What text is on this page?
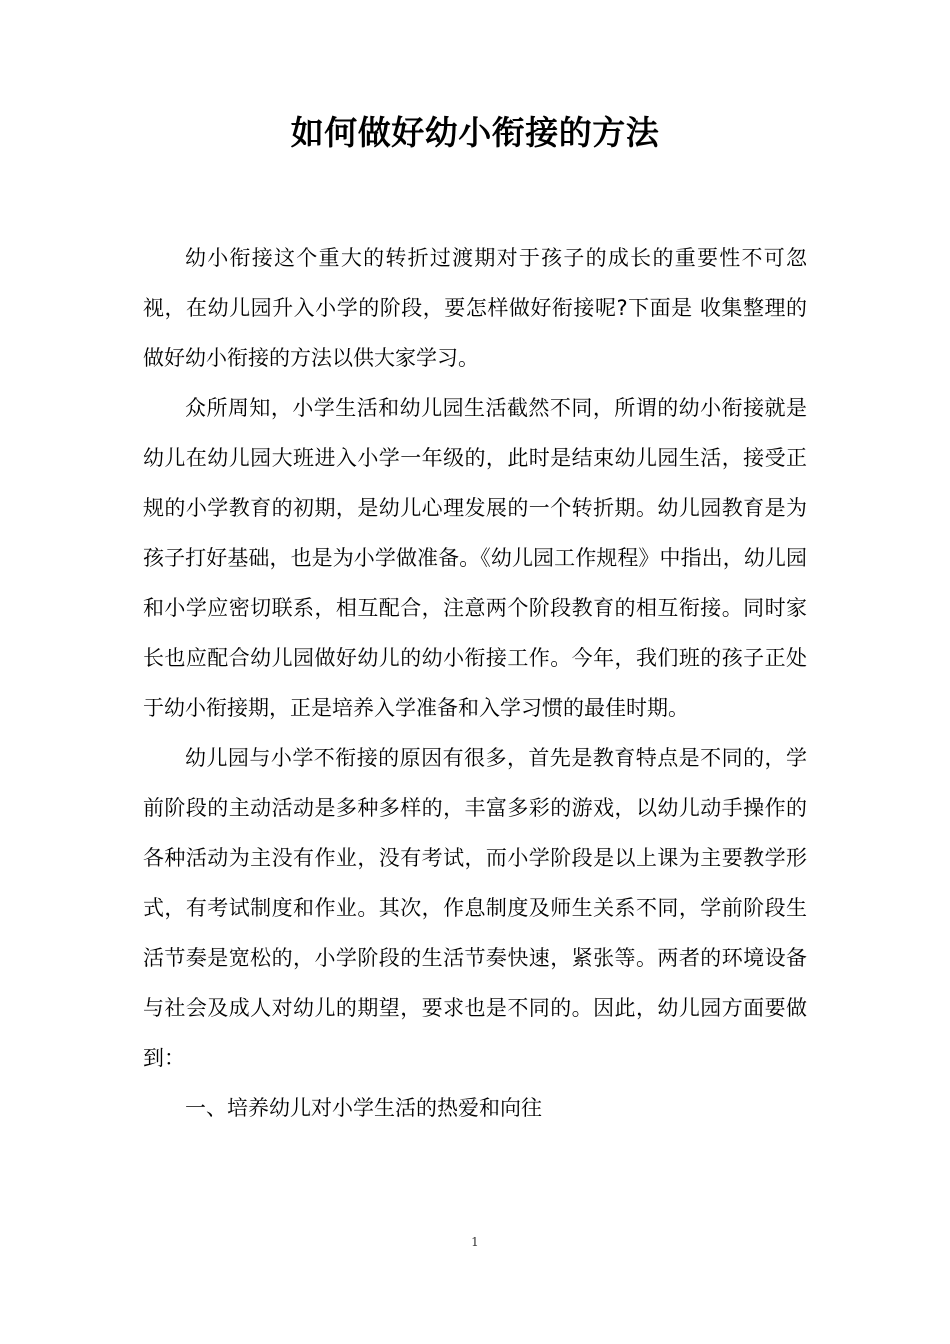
如何做好幼小衔接的方法

幼小衔接这个重大的转折过渡期对于孩子的成长的重要性不可忽视，在幼儿园升入小学的阶段，要怎样做好衔接呢?下面是 收集整理的做好幼小衔接的方法以供大家学习。

众所周知，小学生活和幼儿园生活截然不同，所谓的幼小衔接就是幼儿在幼儿园大班进入小学一年级的，此时是结束幼儿园生活，接受正规的小学教育的初期，是幼儿心理发展的一个转折期。幼儿园教育是为孩子打好基础，也是为小学做准备。《幼儿园工作规程》中指出，幼儿园和小学应密切联系，相互配合，注意两个阶段教育的相互衔接。同时家长也应配合幼儿园做好幼儿的幼小衔接工作。今年，我们班的孩子正处于幼小衔接期，正是培养入学准备和入学习惯的最佳时期。

幼儿园与小学不衔接的原因有很多，首先是教育特点是不同的，学前阶段的主动活动是多种多样的，丰富多彩的游戏，以幼儿动手操作的各种活动为主没有作业，没有考试，而小学阶段是以上课为主要教学形式，有考试制度和作业。其次，作息制度及师生关系不同，学前阶段生活节奏是宽松的，小学阶段的生活节奏快速，紧张等。两者的环境设备与社会及成人对幼儿的期望，要求也是不同的。因此，幼儿园方面要做到：

一、培养幼儿对小学生活的热爱和向往

1
